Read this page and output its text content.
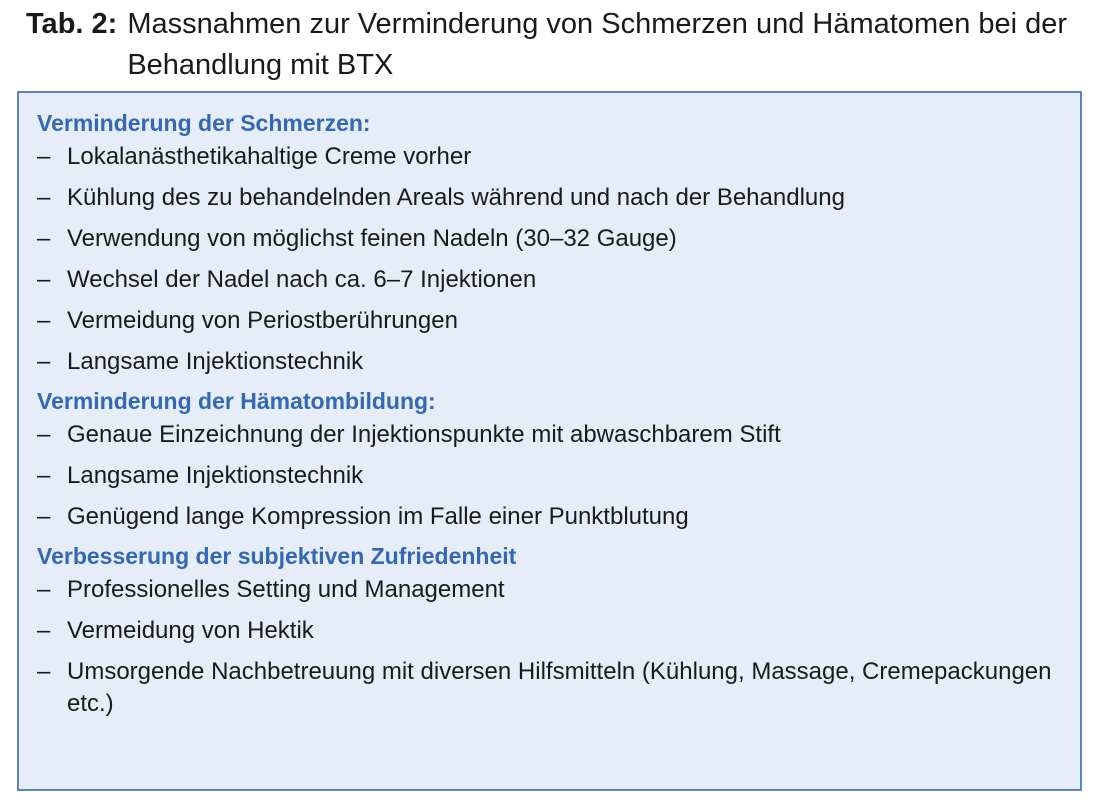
Tab. 2: Massnahmen zur Verminderung von Schmerzen und Hämatomen bei der Behandlung mit BTX
Verminderung der Schmerzen:
– Lokalanästhetikahaltige Creme vorher
– Kühlung des zu behandelnden Areals während und nach der Behandlung
– Verwendung von möglichst feinen Nadeln (30–32 Gauge)
– Wechsel der Nadel nach ca. 6–7 Injektionen
– Vermeidung von Periostberührungen
– Langsame Injektionstechnik
Verminderung der Hämatombildung:
– Genaue Einzeichnung der Injektionspunkte mit abwaschbarem Stift
– Langsame Injektionstechnik
– Genügend lange Kompression im Falle einer Punktblutung
Verbesserung der subjektiven Zufriedenheit
– Professionelles Setting und Management
– Vermeidung von Hektik
– Umsorgende Nachbetreuung mit diversen Hilfsmitteln (Kühlung, Massage, Cremepackungen etc.)
